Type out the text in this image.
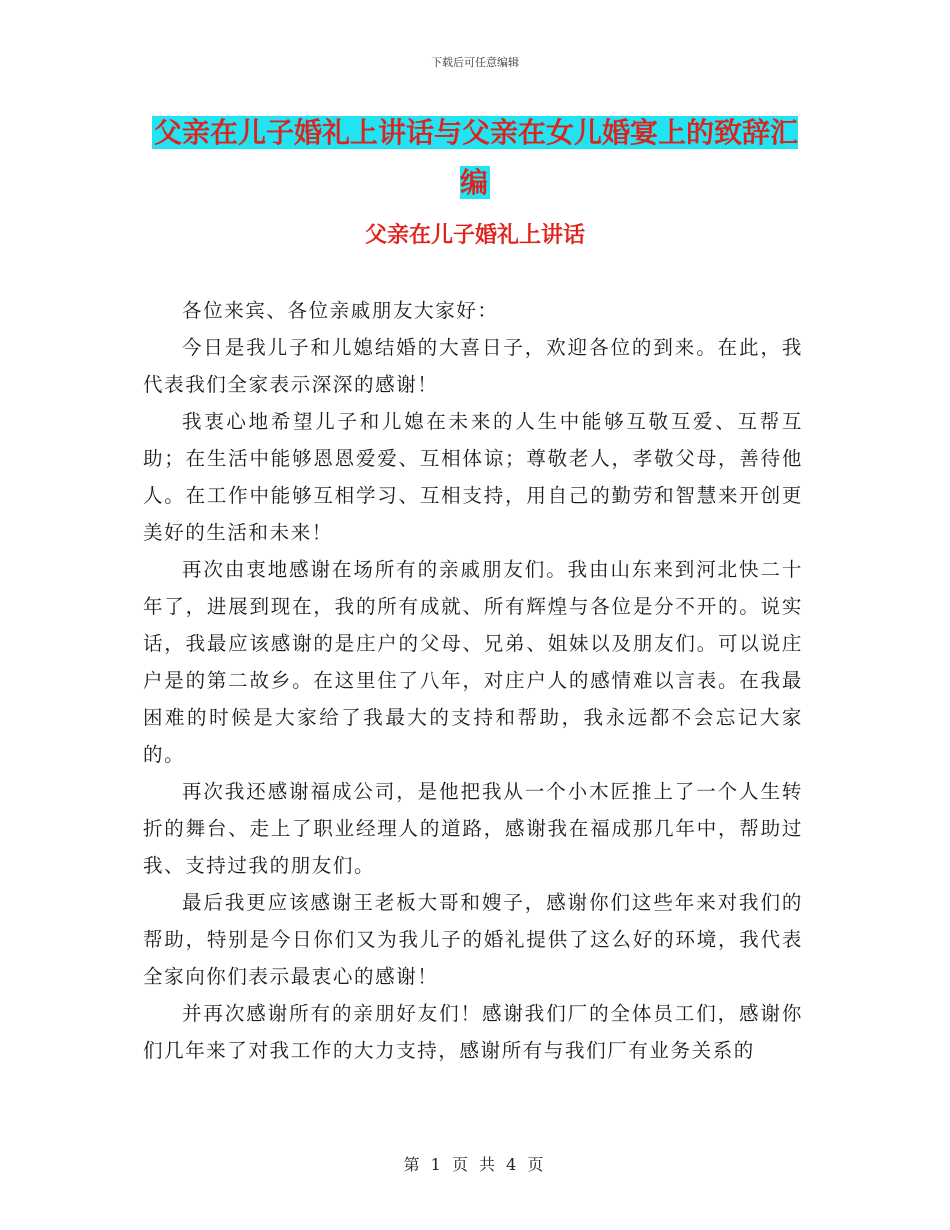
下载后可任意编辑
父亲在儿子婚礼上讲话与父亲在女儿婚宴上的致辞汇编
父亲在儿子婚礼上讲话

各位来宾、各位亲戚朋友大家好：

今日是我儿子和儿媳结婚的大喜日子，欢迎各位的到来。在此，我代表我们全家表示深深的感谢！

我衷心地希望儿子和儿媳在未来的人生中能够互敬互爱、互帮互助；在生活中能够恩恩爱爱、互相体谅；尊敬老人，孝敬父母，善待他人。在工作中能够互相学习、互相支持，用自己的勤劳和智慧来开创更美好的生活和未来！

再次由衷地感谢在场所有的亲戚朋友们。我由山东来到河北快二十年了，进展到现在，我的所有成就、所有辉煌与各位是分不开的。说实话，我最应该感谢的是庄户的父母、兄弟、姐妹以及朋友们。可以说庄户是的第二故乡。在这里住了八年，对庄户人的感情难以言表。在我最困难的时候是大家给了我最大的支持和帮助，我永远都不会忘记大家的。

再次我还感谢福成公司，是他把我从一个小木匠推上了一个人生转折的舞台、走上了职业经理人的道路，感谢我在福成那几年中，帮助过我、支持过我的朋友们。

最后我更应该感谢王老板大哥和嫂子，感谢你们这些年来对我们的帮助，特别是今日你们又为我儿子的婚礼提供了这么好的环境，我代表全家向你们表示最衷心的感谢！

并再次感谢所有的亲朋好友们！感谢我们厂的全体员工们，感谢你们几年来了对我工作的大力支持，感谢所有与我们厂有业务关系的

第 1 页 共 4 页
